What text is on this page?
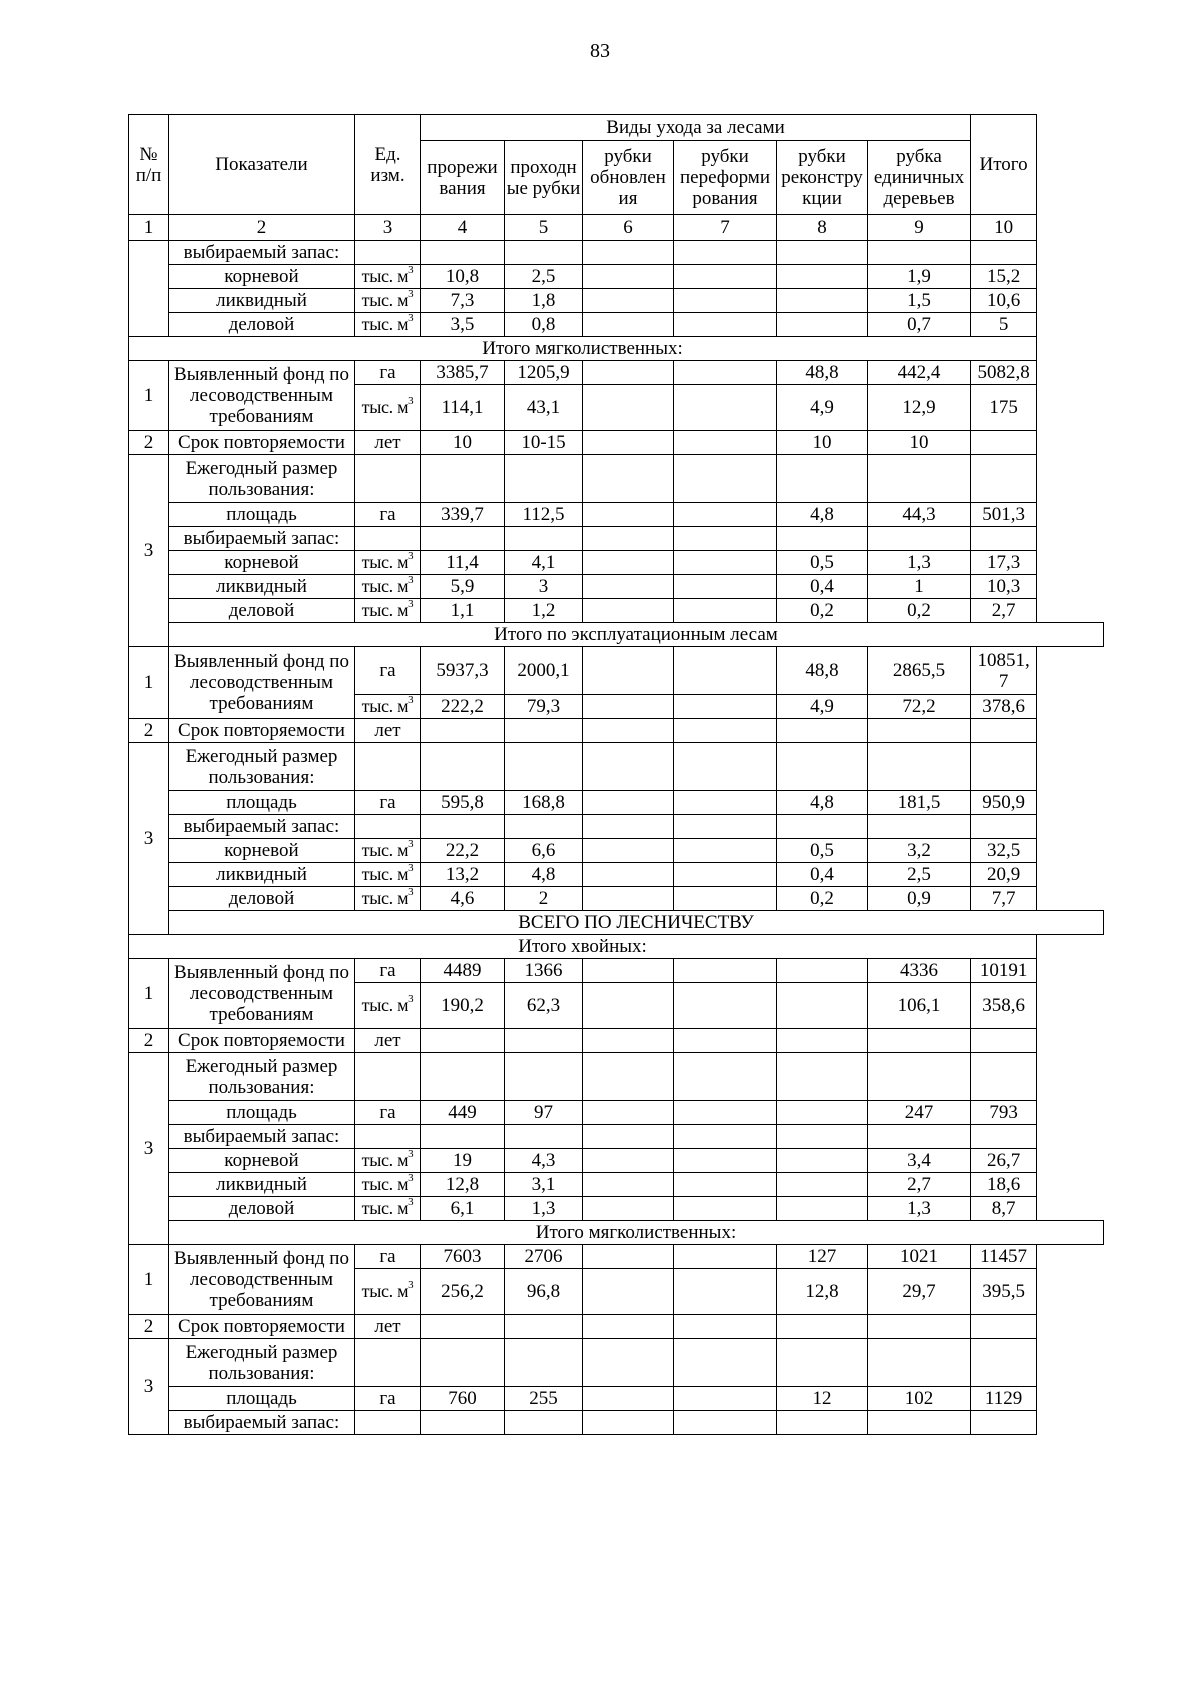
83
№ п/п	Показатели	Ед. изм.	Виды ухода за лесами						Итого
			прорежи вания	проходн ые рубки	рубки обновлен ия	рубки переформи рования	рубки реконстру кции	рубка единичных деревьев	
1	2	3	4	5	6	7	8	9	10
	выбираемый запас:								
	корневой	тыс. $м^3$	10,8	2,5				1,9	15,2
	ликвидный	тыс. $м^3$	7,3	1,8				1,5	10,6
	деловой	тыс. $м^3$	3,5	0,8				0,7	5
Итого мягколиственных:									
1	Выявленный фонд по лесоводственным требованиям	га	3385,7	1205,9			48,8	442,4	5082,8
		тыс. $м^3$	114,1	43,1			4,9	12,9	175
2	Срок повторяемости	лет	10	10-15			10	10	
3	Ежегодный размер пользования:								
	площадь	га	339,7	112,5			4,8	44,3	501,3
	выбираемый запас:								
	корневой	тыс. $м^3$	11,4	4,1			0,5	1,3	17,3
	ликвидный	тыс. $м^3$	5,9	3			0,4	1	10,3
	деловой	тыс. $м^3$	1,1	1,2			0,2	0,2	2,7
	Итого по эксплуатационным лесам								
1	Выявленный фонд по лесоводственным требованиям	га	5937,3	2000,1			48,8	2865,5	10851, 7
		тыс. $м^3$	222,2	79,3			4,9	72,2	378,6
2	Срок повторяемости	лет							
3	Ежегодный размер пользования:								
	площадь	га	595,8	168,8			4,8	181,5	950,9
	выбираемый запас:								
	корневой	тыс. $м^3$	22,2	6,6			0,5	3,2	32,5
	ликвидный	тыс. $м^3$	13,2	4,8			0,4	2,5	20,9
	деловой	тыс. $м^3$	4,6	2			0,2	0,9	7,7
	ВСЕГО ПО ЛЕСНИЧЕСТВУ								
Итого хвойных:									
1	Выявленный фонд по лесоводственным требованиям	га	4489	1366				4336	10191
		тыс. $м^3$	190,2	62,3				106,1	358,6
2	Срок повторяемости	лет							
3	Ежегодный размер пользования:								
	площадь	га	449	97				247	793
	выбираемый запас:								
	корневой	тыс. $м^3$	19	4,3				3,4	26,7
	ликвидный	тыс. $м^3$	12,8	3,1				2,7	18,6
	деловой	тыс. $м^3$	6,1	1,3				1,3	8,7
	Итого мягколиственных:								
1	Выявленный фонд по лесоводственным требованиям	га	7603	2706			127	1021	11457
		тыс. $м^3$	256,2	96,8			12,8	29,7	395,5
2	Срок повторяемости	лет							
3	Ежегодный размер пользования:								
	площадь	га	760	255			12	102	1129
	выбираемый запас:								
